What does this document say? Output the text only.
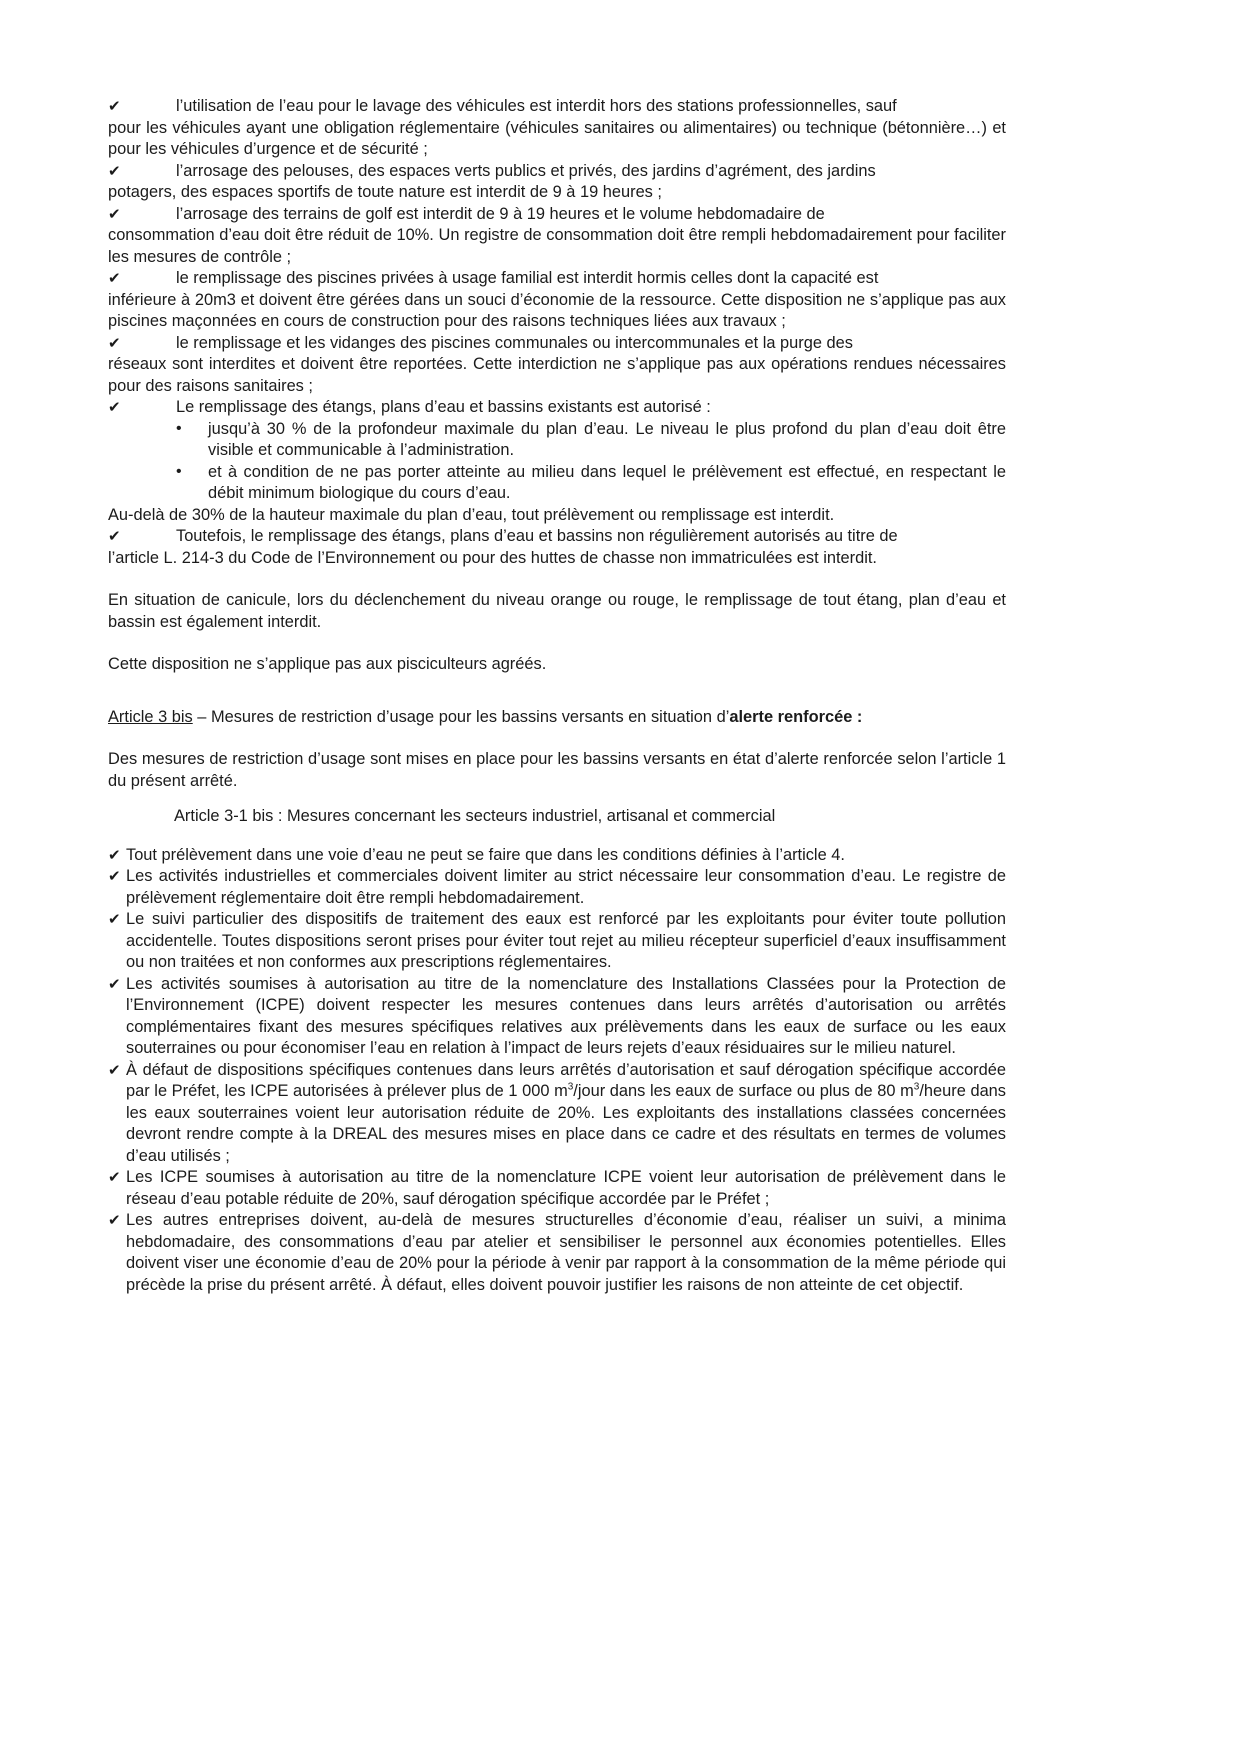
✔	l’utilisation de l’eau pour le lavage des véhicules est interdit hors des stations professionnelles, sauf
pour les véhicules ayant une obligation réglementaire (véhicules sanitaires ou alimentaires) ou technique (bétonnière…) et pour les véhicules d’urgence et de sécurité ;
✔	l’arrosage des pelouses, des espaces verts publics et privés, des jardins d’agrément, des jardins
potagers, des espaces sportifs de toute nature est interdit de 9 à 19 heures ;
✔	l’arrosage des terrains de golf est interdit de 9 à 19 heures et le volume hebdomadaire de
consommation d’eau doit être réduit de 10%. Un registre de consommation doit être rempli hebdomadairement pour faciliter les mesures de contrôle ;
✔	le remplissage des piscines privées à usage familial est interdit hormis celles dont la capacité est
inférieure à 20m3 et doivent être gérées dans un souci d’économie de la ressource. Cette disposition ne s’applique pas aux piscines maçonnées en cours de construction pour des raisons techniques liées aux travaux ;
✔	le remplissage et les vidanges des piscines communales ou intercommunales et la purge des
réseaux sont interdites et doivent être reportées. Cette interdiction ne s’applique pas aux opérations rendues nécessaires pour des raisons sanitaires ;
✔	Le remplissage des étangs, plans d’eau et bassins existants est autorisé :
• jusqu’à 30 % de la profondeur maximale du plan d’eau. Le niveau le plus profond du plan d’eau doit être visible et communicable à l’administration.
• et à condition de ne pas porter atteinte au milieu dans lequel le prélèvement est effectué, en respectant le débit minimum biologique du cours d’eau.
Au-delà de 30% de la hauteur maximale du plan d’eau, tout prélèvement ou remplissage est interdit.
✔	Toutefois, le remplissage des étangs, plans d’eau et bassins non régulièrement autorisés au titre de
l’article L. 214-3 du Code de l’Environnement ou pour des huttes de chasse non immatriculées est interdit.
En situation de canicule, lors du déclenchement du niveau orange ou rouge, le remplissage de tout étang, plan d’eau et bassin est également interdit.
Cette disposition ne s’applique pas aux pisciculteurs agréés.
Article 3 bis – Mesures de restriction d’usage pour les bassins versants en situation d’alerte renforcée :
Des mesures de restriction d’usage sont mises en place pour les bassins versants en état d’alerte renforcée selon l’article 1 du présent arrêté.
Article 3-1 bis : Mesures concernant les secteurs industriel, artisanal et commercial
✔ Tout prélèvement dans une voie d’eau ne peut se faire que dans les conditions définies à l’article 4.
✔ Les activités industrielles et commerciales doivent limiter au strict nécessaire leur consommation d’eau. Le registre de prélèvement réglementaire doit être rempli hebdomadairement.
✔ Le suivi particulier des dispositifs de traitement des eaux est renforcé par les exploitants pour éviter toute pollution accidentelle. Toutes dispositions seront prises pour éviter tout rejet au milieu récepteur superficiel d’eaux insuffisamment ou non traitées et non conformes aux prescriptions réglementaires.
✔ Les activités soumises à autorisation au titre de la nomenclature des Installations Classées pour la Protection de l’Environnement (ICPE) doivent respecter les mesures contenues dans leurs arrêtés d’autorisation ou arrêtés complémentaires fixant des mesures spécifiques relatives aux prélèvements dans les eaux de surface ou les eaux souterraines ou pour économiser l’eau en relation à l’impact de leurs rejets d’eaux résiduaires sur le milieu naturel.
✔ À défaut de dispositions spécifiques contenues dans leurs arrêtés d’autorisation et sauf dérogation spécifique accordée par le Préfet, les ICPE autorisées à prélever plus de 1 000 $m^3$/jour dans les eaux de surface ou plus de 80 $m^3$/heure dans les eaux souterraines voient leur autorisation réduite de 20%. Les exploitants des installations classées concernées devront rendre compte à la DREAL des mesures mises en place dans ce cadre et des résultats en termes de volumes d’eau utilisés ;
✔ Les ICPE soumises à autorisation au titre de la nomenclature ICPE voient leur autorisation de prélèvement dans le réseau d’eau potable réduite de 20%, sauf dérogation spécifique accordée par le Préfet ;
✔ Les autres entreprises doivent, au-delà de mesures structurelles d’économie d’eau, réaliser un suivi, a minima hebdomadaire, des consommations d’eau par atelier et sensibiliser le personnel aux économies potentielles. Elles doivent viser une économie d’eau de 20% pour la période à venir par rapport à la consommation de la même période qui précède la prise du présent arrêté. À défaut, elles doivent pouvoir justifier les raisons de non atteinte de cet objectif.
